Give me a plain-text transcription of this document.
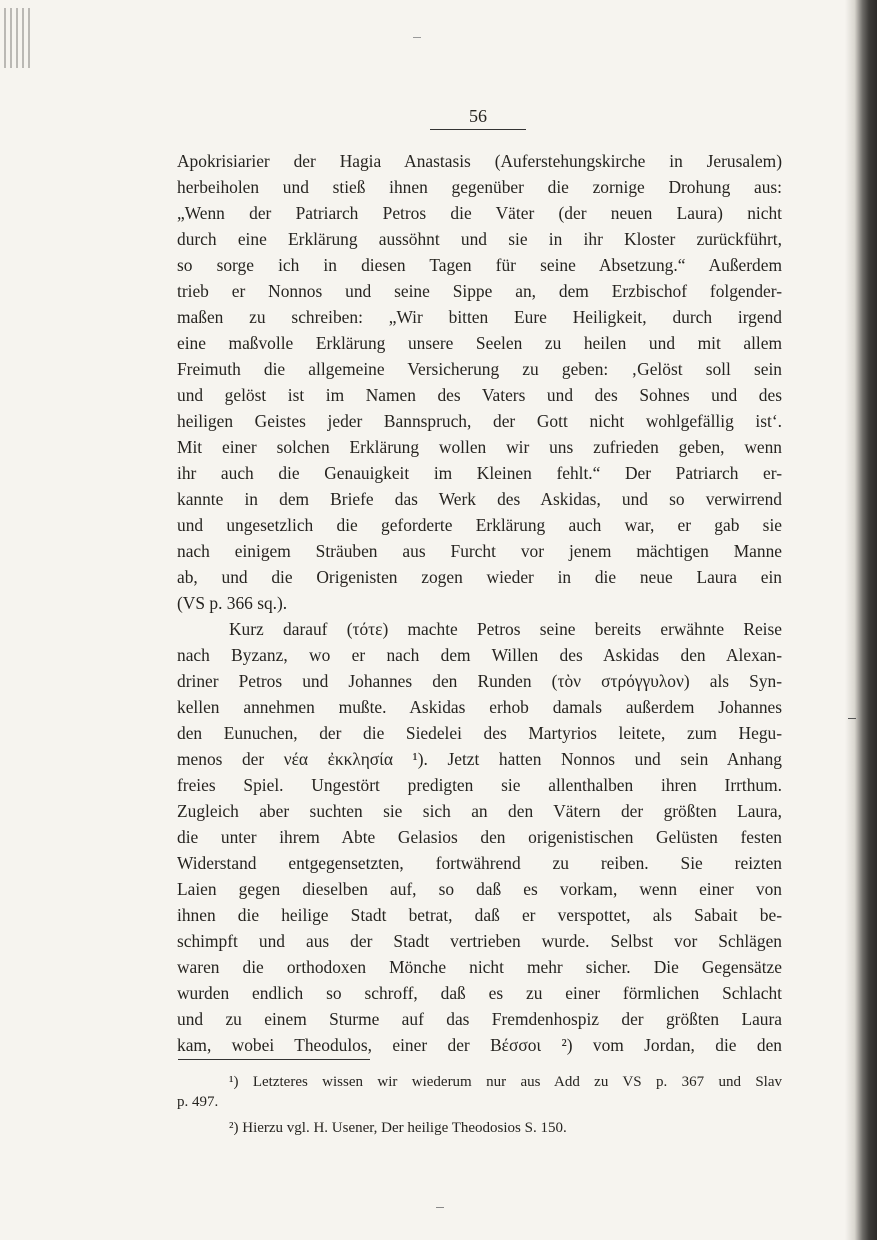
56
Apokrisiarier der Hagia Anastasis (Auferstehungskirche in Jerusalem)
herbeiholen und stieß ihnen gegenüber die zornige Drohung aus:
„Wenn der Patriarch Petros die Väter (der neuen Laura) nicht
durch eine Erklärung aussöhnt und sie in ihr Kloster zurückführt,
so sorge ich in diesen Tagen für seine Absetzung.“ Außerdem
trieb er Nonnos und seine Sippe an, dem Erzbischof folgender-
maßen zu schreiben: „Wir bitten Eure Heiligkeit, durch irgend
eine maßvolle Erklärung unsere Seelen zu heilen und mit allem
Freimuth die allgemeine Versicherung zu geben: ‚Gelöst soll sein
und gelöst ist im Namen des Vaters und des Sohnes und des
heiligen Geistes jeder Bannspruch, der Gott nicht wohlgefällig ist‘.
Mit einer solchen Erklärung wollen wir uns zufrieden geben, wenn
ihr auch die Genauigkeit im Kleinen fehlt.“ Der Patriarch er-
kannte in dem Briefe das Werk des Askidas, und so verwirrend
und ungesetzlich die geforderte Erklärung auch war, er gab sie
nach einigem Sträuben aus Furcht vor jenem mächtigen Manne
ab, und die Origenisten zogen wieder in die neue Laura ein
(VS p. 366 sq.).
Kurz darauf (τότε) machte Petros seine bereits erwähnte Reise
nach Byzanz, wo er nach dem Willen des Askidas den Alexan-
driner Petros und Johannes den Runden (τὸν στρόγγυλον) als Syn-
kellen annehmen mußte. Askidas erhob damals außerdem Johannes
den Eunuchen, der die Siedelei des Martyrios leitete, zum Hegu-
menos der νέα ἐκκλησία ¹). Jetzt hatten Nonnos und sein Anhang
freies Spiel. Ungestört predigten sie allenthalben ihren Irrthum.
Zugleich aber suchten sie sich an den Vätern der größten Laura,
die unter ihrem Abte Gelasios den origenistischen Gelüsten festen
Widerstand entgegensetzten, fortwährend zu reiben. Sie reizten
Laien gegen dieselben auf, so daß es vorkam, wenn einer von
ihnen die heilige Stadt betrat, daß er verspottet, als Sabait be-
schimpft und aus der Stadt vertrieben wurde. Selbst vor Schlägen
waren die orthodoxen Mönche nicht mehr sicher. Die Gegensätze
wurden endlich so schroff, daß es zu einer förmlichen Schlacht
und zu einem Sturme auf das Fremdenhospiz der größten Laura
kam, wobei Theodulos, einer der Βέσσοι ²) vom Jordan, die den
¹) Letzteres wissen wir wiederum nur aus Add zu VS p. 367 und Slav
p. 497.
²) Hierzu vgl. H. Usener, Der heilige Theodosios S. 150.
